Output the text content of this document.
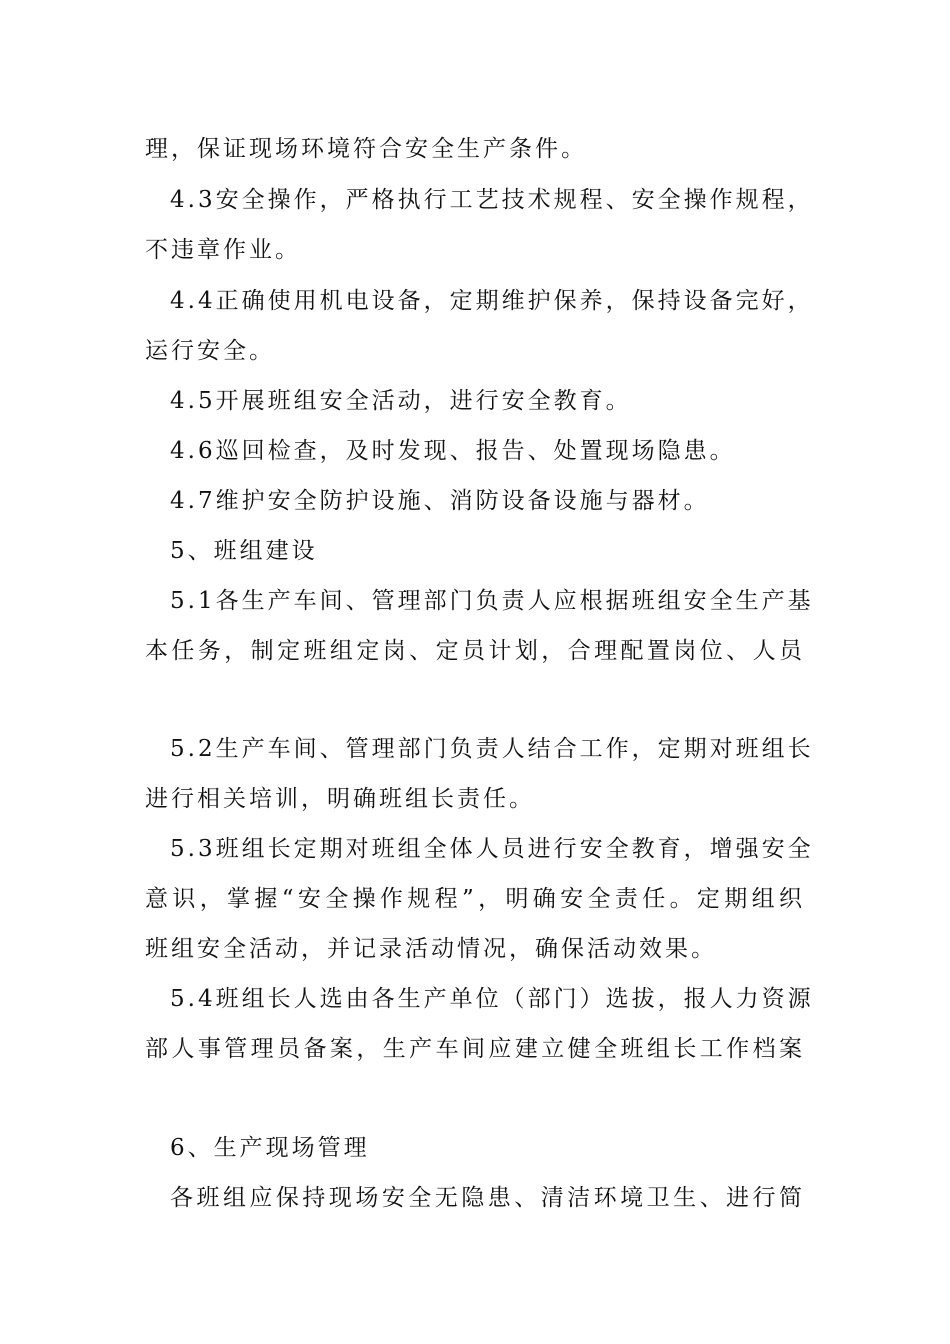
理，保证现场环境符合安全生产条件。
4.3安全操作，严格执行工艺技术规程、安全操作规程，
不违章作业。
4.4正确使用机电设备，定期维护保养，保持设备完好，
运行安全。
4.5开展班组安全活动，进行安全教育。
4.6巡回检查，及时发现、报告、处置现场隐患。
4.7维护安全防护设施、消防设备设施与器材。
5、班组建设
5.1各生产车间、管理部门负责人应根据班组安全生产基
本任务，制定班组定岗、定员计划，合理配置岗位、人员
5.2生产车间、管理部门负责人结合工作，定期对班组长
进行相关培训，明确班组长责任。
5.3班组长定期对班组全体人员进行安全教育，增强安全
意识，掌握“安全操作规程”，明确安全责任。定期组织
班组安全活动，并记录活动情况，确保活动效果。
5.4班组长人选由各生产单位（部门）选拔，报人力资源
部人事管理员备案，生产车间应建立健全班组长工作档案
6、生产现场管理
各班组应保持现场安全无隐患、清洁环境卫生、进行简
